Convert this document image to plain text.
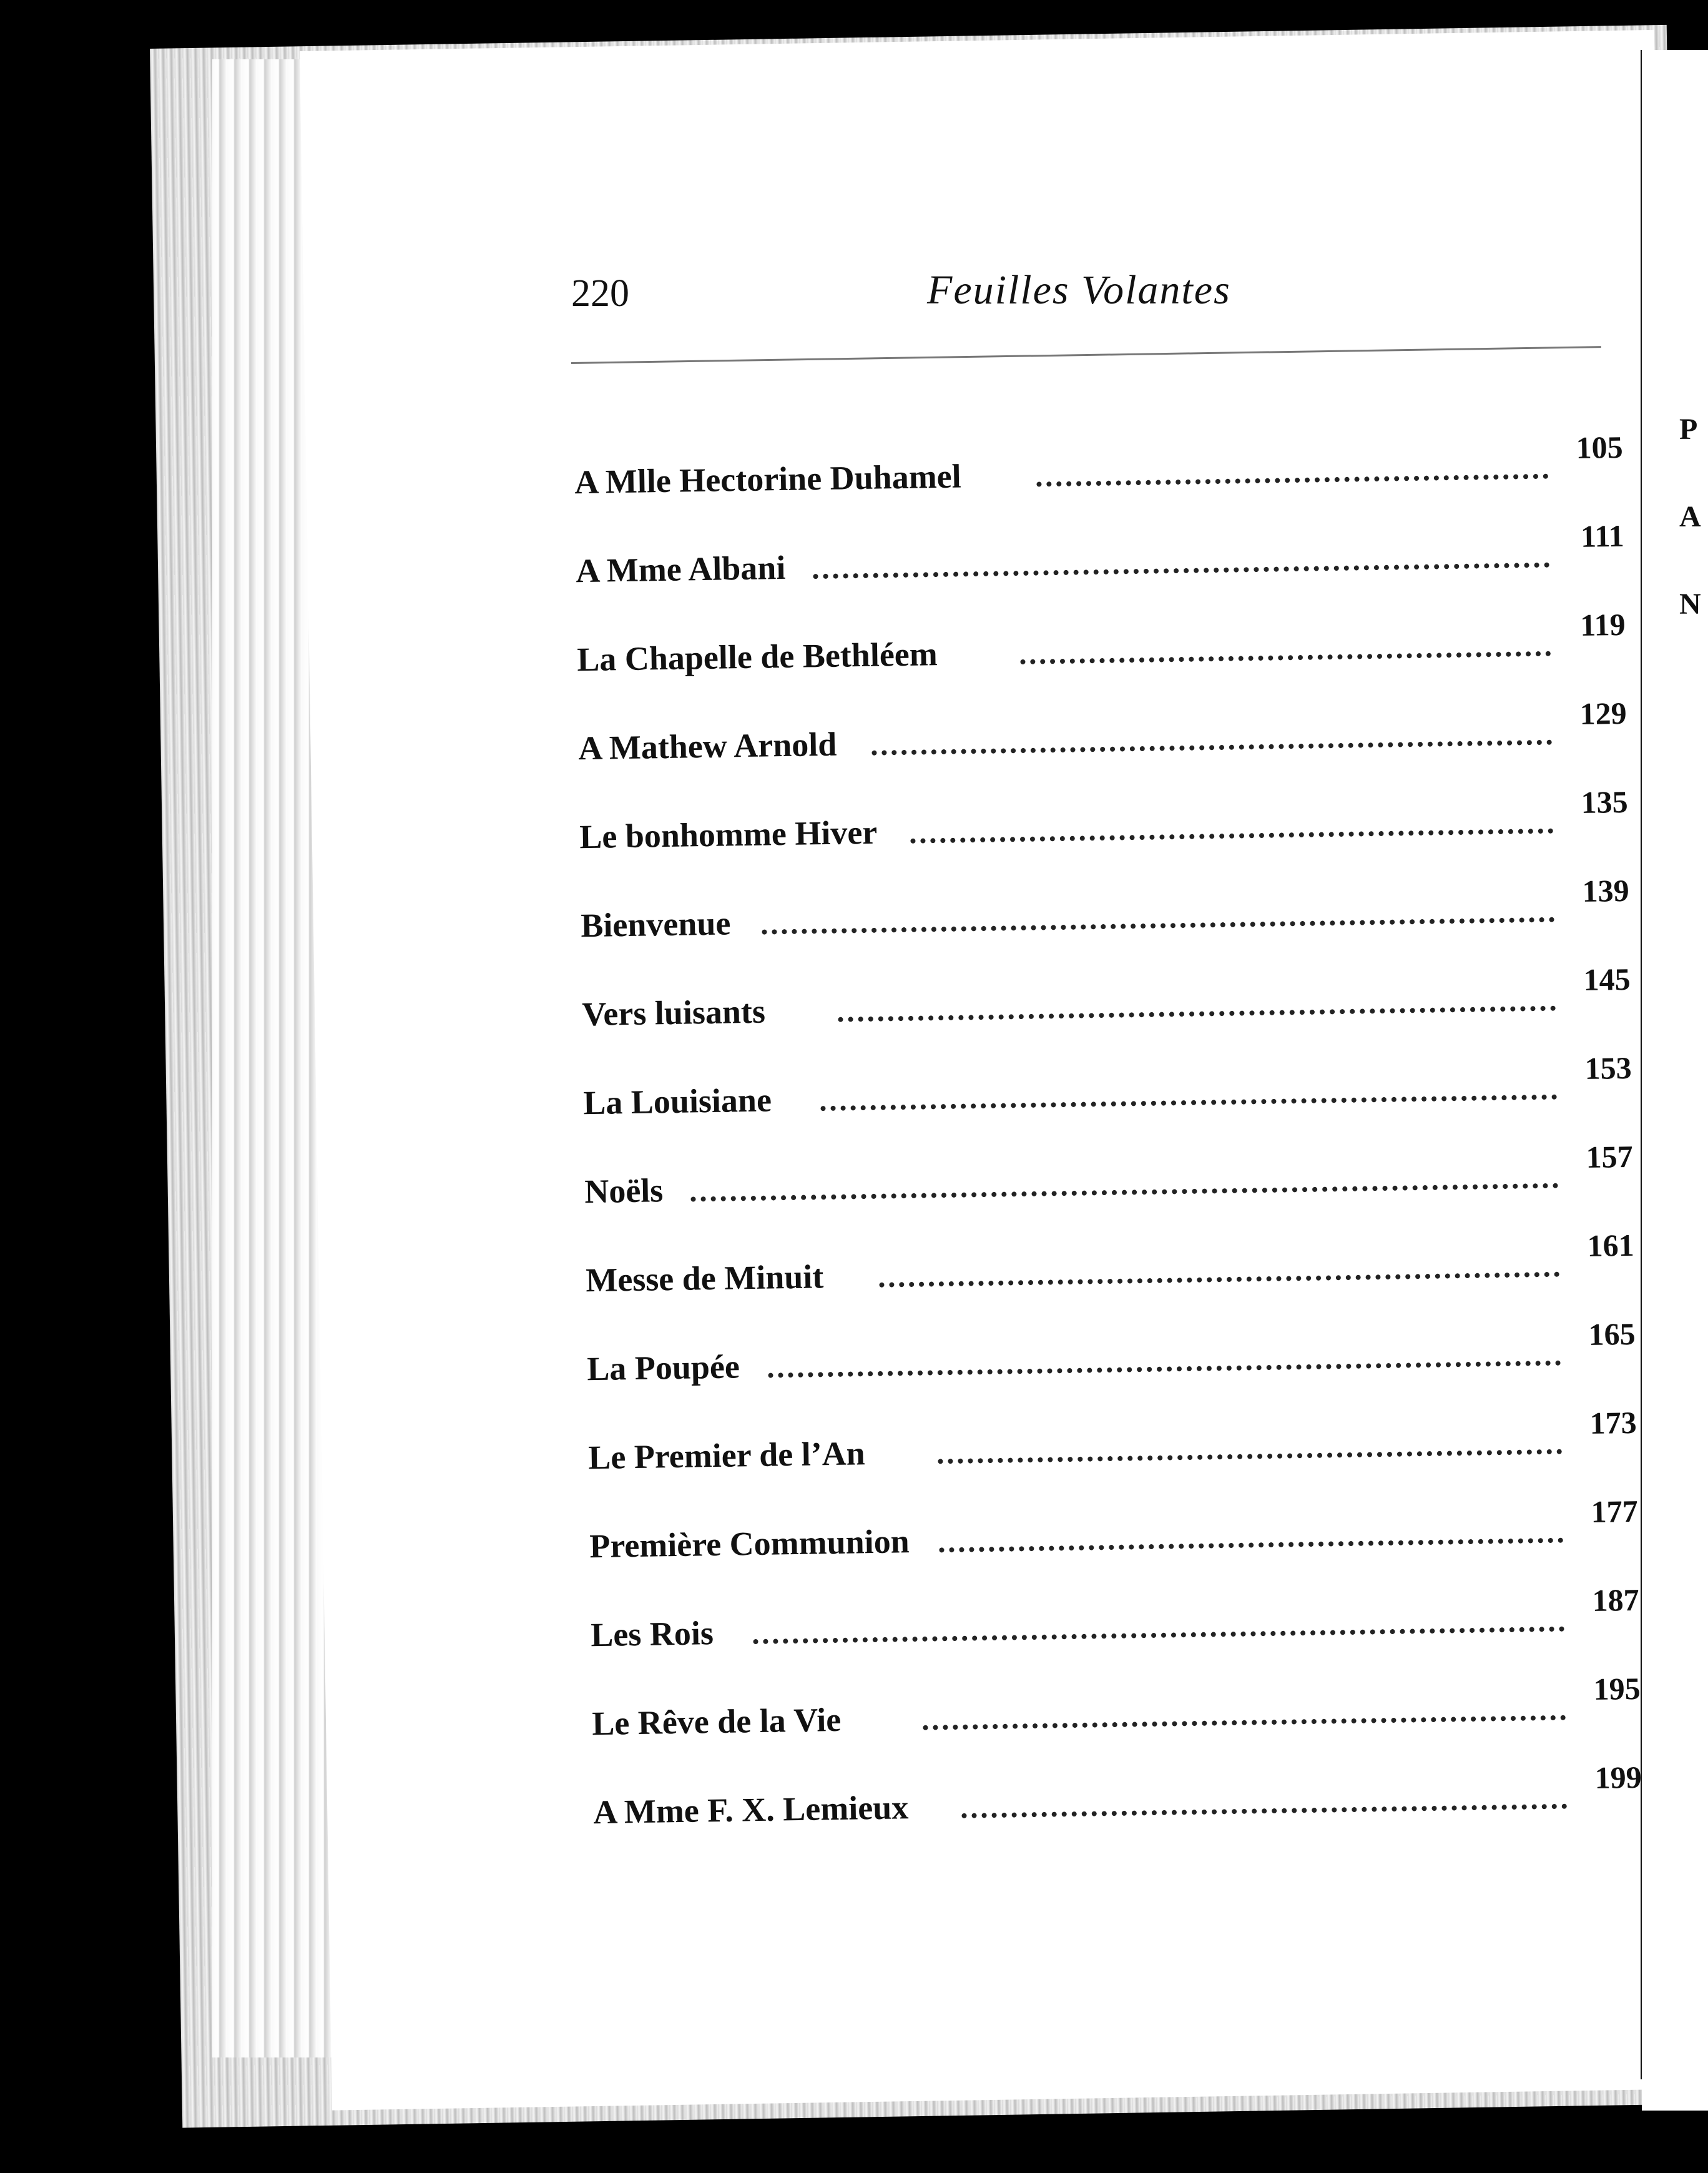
220	Feuilles Volantes
A Mlle Hectorine Duhamel
105
A Mme Albani
111
La Chapelle de Bethléem
119
A Mathew Arnold
129
Le bonhomme Hiver
135
Bienvenue
139
Vers luisants
145
La Louisiane
153
Noëls
157
Messe de Minuit
161
La Poupée
165
Le Premier de l’An
173
Première Communion
177
Les Rois
187
Le Rêve de la Vie
195
A Mme F. X. Lemieux
199
P
A
N
